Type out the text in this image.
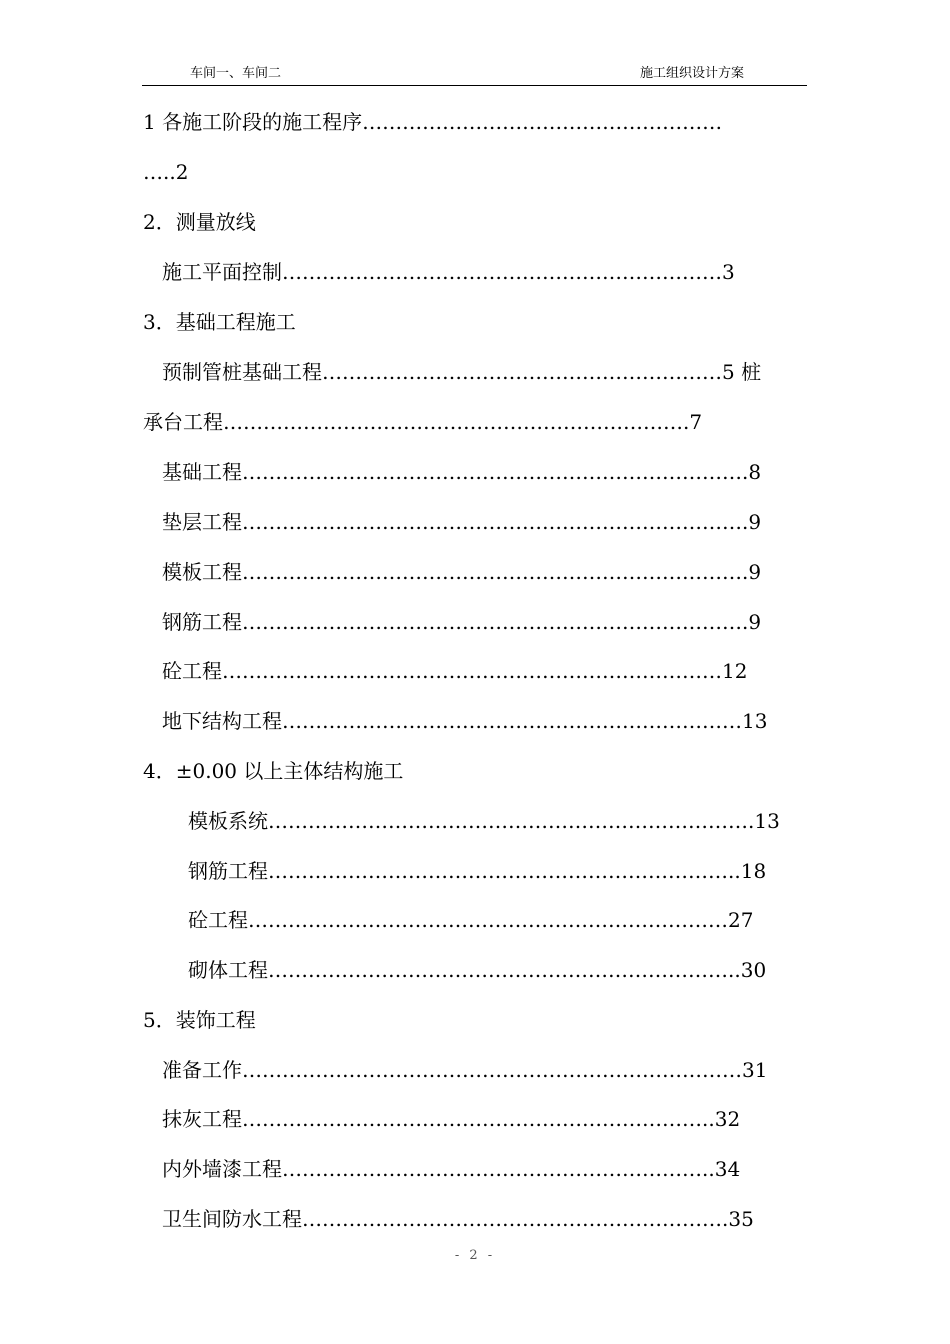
车间一、车间二	施工组织设计方案
1 各施工阶段的施工程序………………………………………………
…..2
2．测量放线
施工平面控制…………………………………………………………3
3．基础工程施工
预制管桩基础工程……………………………………………………5 桩
承台工程…………………………………………………………….7
基础工程………………………………………………………………….8
垫层工程………………………………………………………………….9
模板工程………………………………………………………………….9
钢筋工程………………………………………………………………….9
砼工程…………………………………………………………………12
地下结构工程……………………………………………………………13
4．±0.00 以上主体结构施工
模板系统……………………………………………………………….13
钢筋工程……………………………………………………………..18
砼工程………………………………………………………………27
砌体工程……………………………………………………………..30
5．装饰工程
准备工作…………………………………………………………………31
抹灰工程……………………………………………………………..32
内外墙漆工程………………………………………………………..34
卫生间防水工程……………………………………………………….35
- 2 -
